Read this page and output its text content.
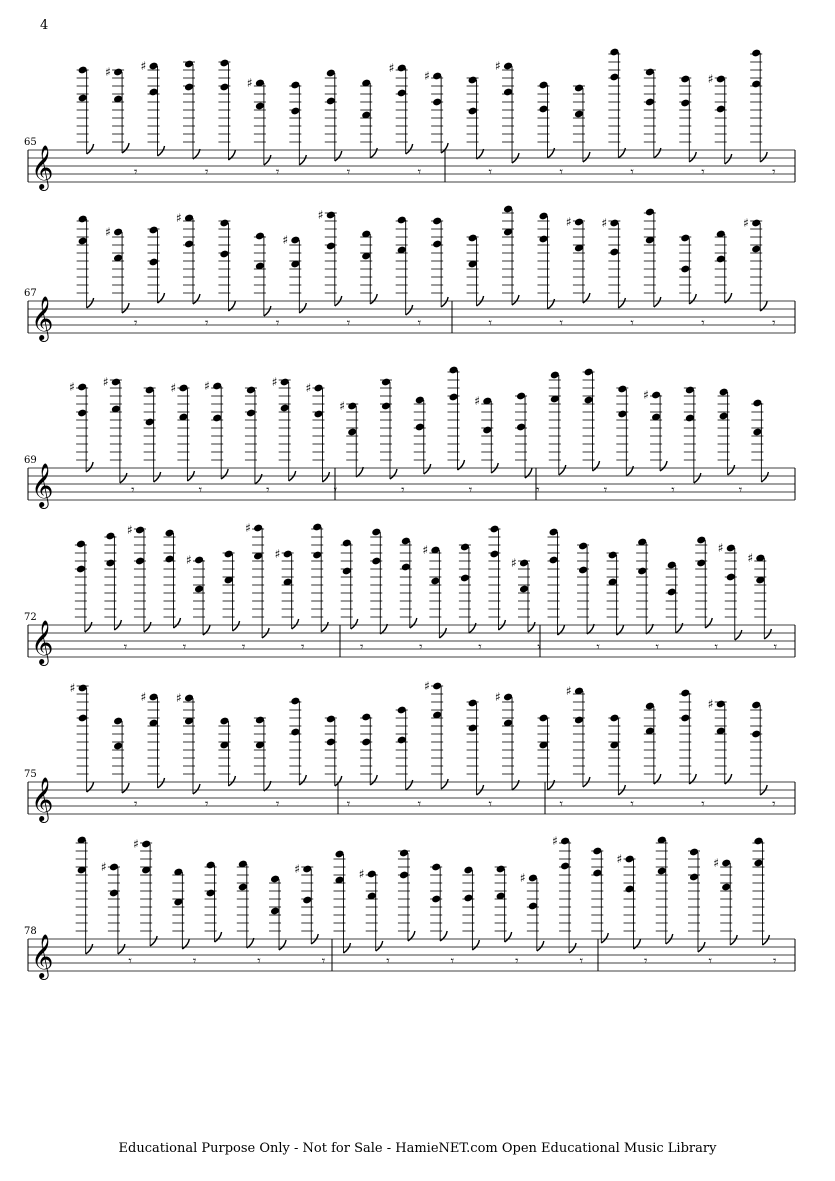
4
65
𝄞
♯
𝄾
♯
𝄾
♯
𝄾	𝄾
♯
𝄾
♯
𝄾
♯
𝄾	𝄾	𝄾
♯
𝄾
67
𝄞
♯
𝄾
♯
𝄾	𝄾
♯
♯
𝄾	𝄾	𝄾	𝄾
♯ ♯
𝄾	𝄾
♯
𝄾
69
𝄞
♯ ♯
𝄾
♯
𝄾
♯
𝄾
♯ ♯
𝄾
♯
𝄾	𝄾
♯
𝄾	𝄾
♯
𝄾	𝄾
72
𝄞	𝄾
♯
𝄾
♯
𝄾
♯
♯
𝄾	𝄾	𝄾
♯
𝄾
♯
𝄾	𝄾	𝄾	𝄾
♯
♯
𝄾
75
𝄞
♯
𝄾
♯ ♯
𝄾	𝄾	𝄾	𝄾
♯
𝄾
♯
𝄾
♯
𝄾	𝄾
♯
𝄾
78
𝄞
♯
𝄾
♯
𝄾	𝄾
♯
𝄾
♯
𝄾	𝄾	𝄾
♯
♯
𝄾
♯
𝄾	𝄾
♯
𝄾
Educational Purpose Only - Not for Sale - HamieNET.com Open Educational Music Library
